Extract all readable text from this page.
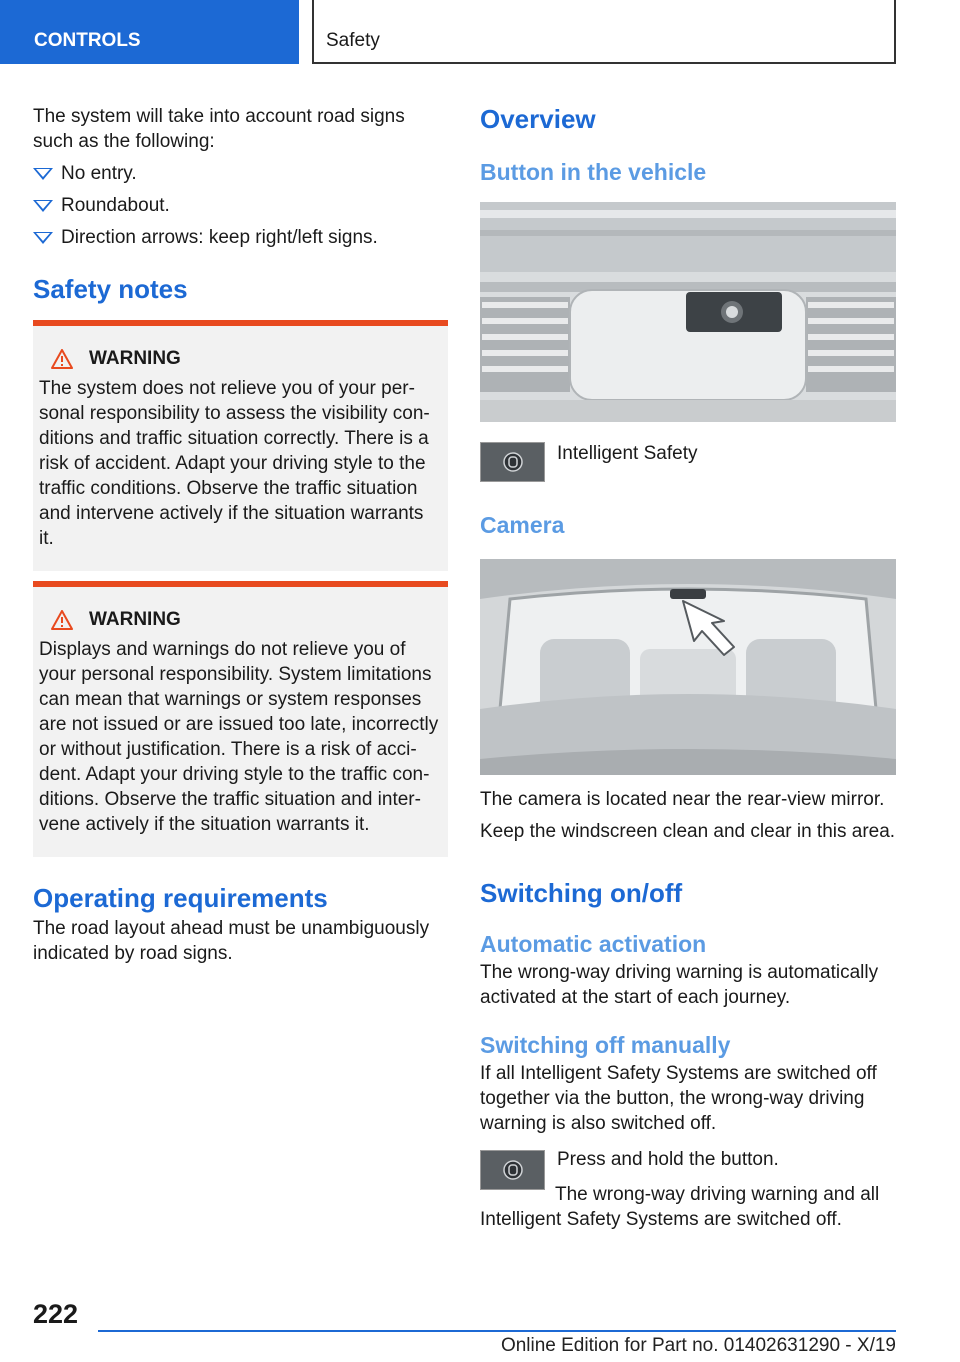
CONTROLS	Safety

The system will take into account road signs such as the following:

No entry.
Roundabout.
Direction arrows: keep right/left signs.
Safety notes
WARNING

The system does not relieve you of your per‐sonal responsibility to assess the visibility con‐ditions and traffic situation correctly. There is a risk of accident. Adapt your driving style to the traffic conditions. Observe the traffic situation and intervene actively if the situation warrants it.

WARNING

Displays and warnings do not relieve you of your personal responsibility. System limitations can mean that warnings or system responses are not issued or are issued too late, incorrectly or without justification. There is a risk of acci‐dent. Adapt your driving style to the traffic con‐ditions. Observe the traffic situation and inter‐vene actively if the situation warrants it.

Operating requirements

The road layout ahead must be unambiguously indicated by road signs.

Overview
Button in the vehicle

Intelligent Safety

Camera

The camera is located near the rear-view mirror.

Keep the windscreen clean and clear in this area.

Switching on/off
Automatic activation

The wrong-way driving warning is automatically activated at the start of each journey.

Switching off manually

If all Intelligent Safety Systems are switched off together via the button, the wrong-way driving warning is also switched off.

Press and hold the button.

The wrong-way driving warning and all Intelligent Safety Systems are switched off.

222
Online Edition for Part no. 01402631290 - X/19
